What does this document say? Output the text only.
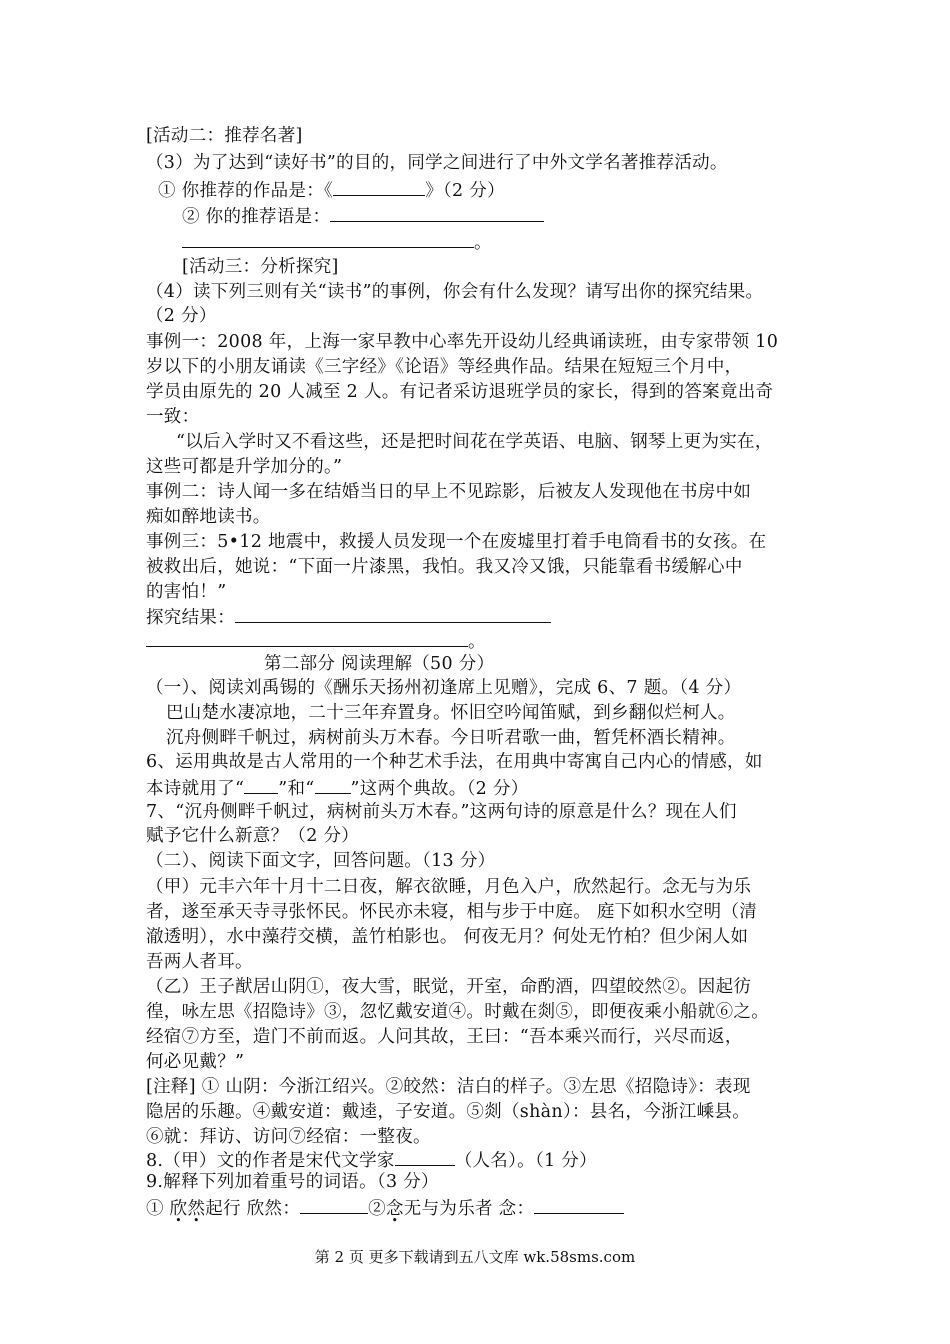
[活动二：推荐名著]
（3）为了达到“读好书”的目的，同学之间进行了中外文学名著推荐活动。
① 你推荐的作品是：《	》（2 分）
② 你的推荐语是：
。
[活动三：分析探究]
（4）读下列三则有关“读书”的事例，你会有什么发现？请写出你的探究结果。
（2 分）
事例一：2008 年，上海一家早教中心率先开设幼儿经典诵读班，由专家带领 10
岁以下的小朋友诵读《三字经》《论语》等经典作品。结果在短短三个月中，
学员由原先的 20 人减至 2 人。有记者采访退班学员的家长，得到的答案竟出奇
一致：
“以后入学时又不看这些，还是把时间花在学英语、电脑、钢琴上更为实在，
这些可都是升学加分的。”
事例二：诗人闻一多在结婚当日的早上不见踪影，后被友人发现他在书房中如
痴如醉地读书。
事例三：5•12 地震中，救援人员发现一个在废墟里打着手电筒看书的女孩。在
被救出后，她说：“下面一片漆黑，我怕。我又冷又饿，只能靠看书缓解心中
的害怕！”
探究结果：
。
第二部分 阅读理解（50 分）
（一）、阅读刘禹锡的《酬乐天扬州初逢席上见赠》，完成 6、7 题。（4 分）
巴山楚水凄凉地，二十三年弃置身。怀旧空吟闻笛赋，到乡翻似烂柯人。
沉舟侧畔千帆过，病树前头万木春。今日听君歌一曲，暂凭杯酒长精神。
6、运用典故是古人常用的一个种艺术手法，在用典中寄寓自己内心的情感，如
本诗就用了“ ”和“ ”这两个典故。（2 分）
7、“沉舟侧畔千帆过，病树前头万木春。”这两句诗的原意是什么？现在人们
赋予它什么新意？（2 分）
（二）、阅读下面文字，回答问题。（13 分）
（甲）元丰六年十月十二日夜，解衣欲睡，月色入户，欣然起行。念无与为乐
者，遂至承天寺寻张怀民。怀民亦未寝，相与步于中庭。 庭下如积水空明（清
澈透明），水中藻荇交横，盖竹柏影也。 何夜无月？何处无竹柏？但少闲人如
吾两人者耳。
（乙）王子猷居山阴①，夜大雪，眠觉，开室，命酌酒，四望皎然②。因起彷
徨，咏左思《招隐诗》③，忽忆戴安道④。时戴在剡⑤，即便夜乘小船就⑥之。
经宿⑦方至，造门不前而返。人问其故，王曰：“吾本乘兴而行，兴尽而返，
何必见戴？”
[注释] ① 山阴：今浙江绍兴。②皎然：洁白的样子。③左思《招隐诗》：表现
隐居的乐趣。④戴安道：戴逵，子安道。⑤剡（shàn）：县名，今浙江嵊县。
⑥就：拜访、访问⑦经宿：一整夜。
8.（甲）文的作者是宋代文学家	（人名）。（1 分）
9.解释下列加着重号的词语。（3 分）
① 欣然起行 欣然：	②念无与为乐者 念：
第 2 页 更多下载请到五八文库 wk.58sms.com
